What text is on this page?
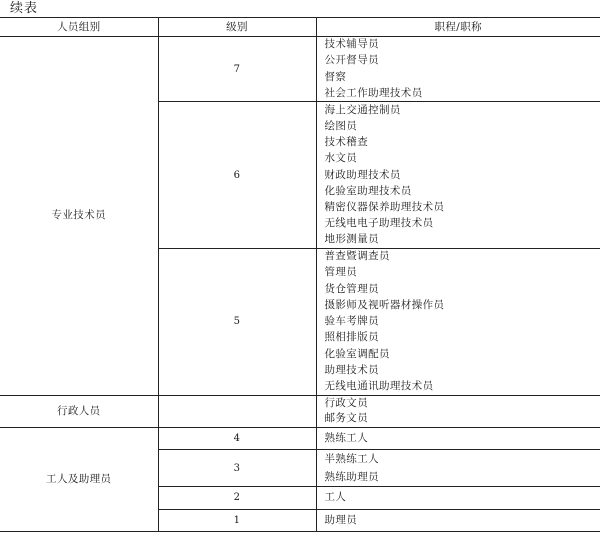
续表
人员组别	级别	职程/职称
专业技术员	7	技术辅导员
		公开督导员
		督察
		社会工作助理技术员
	6	海上交通控制员
		绘图员
		技术稽查
		水文员
		财政助理技术员
		化验室助理技术员
		精密仪器保养助理技术员
		无线电电子助理技术员
		地形测量员
	5	普查暨调查员
		管理员
		货仓管理员
		摄影师及视听器材操作员
		验车考牌员
		照相排版员
		化验室调配员
		助理技术员
		无线电通讯助理技术员
行政人员		行政文员
		邮务文员
工人及助理员	4	熟练工人
	3	半熟练工人
		熟练助理员
	2	工人
	1	助理员
